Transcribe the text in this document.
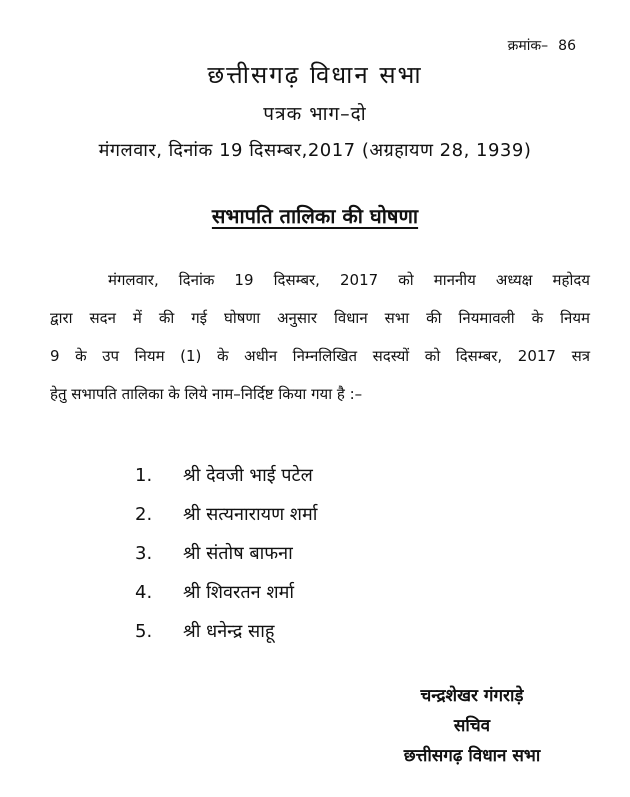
क्रमांक– 86
छत्तीसगढ़ विधान सभा
पत्रक भाग–दो
मंगलवार, दिनांक 19 दिसम्बर,2017 (अग्रहायण 28, 1939)
सभापति तालिका की घोषणा
मंगलवार, दिनांक 19 दिसम्बर, 2017 को माननीय अध्यक्ष महोदय
द्वारा सदन में की गई घोषणा अनुसार विधान सभा की नियमावली के नियम
9 के उप नियम (1) के अधीन निम्नलिखित सदस्यों को दिसम्बर, 2017 सत्र
हेतु सभापति तालिका के लिये नाम–निर्दिष्ट किया गया है :–
1. श्री देवजी भाई पटेल
2. श्री सत्यनारायण शर्मा
3. श्री संतोष बाफना
4. श्री शिवरतन शर्मा
5. श्री धनेन्द्र साहू
चन्द्रशेखर गंगराड़े
सचिव
छत्तीसगढ़ विधान सभा
